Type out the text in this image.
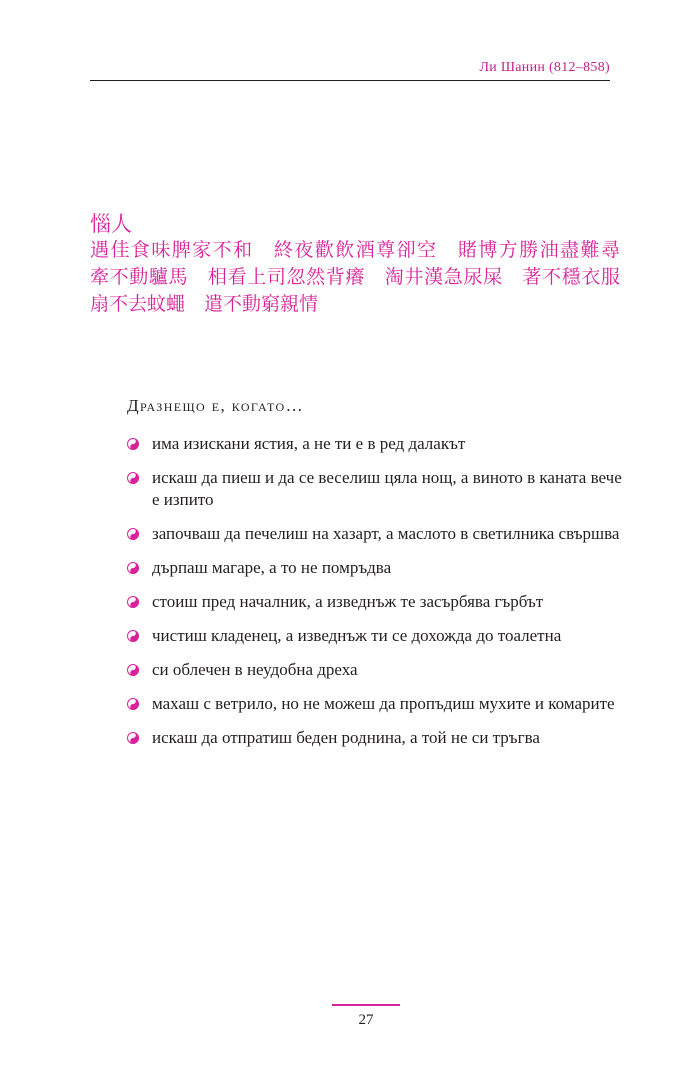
Ли Шанин (812–858)

惱人

遇佳食味脾家不和　終夜歡飲酒尊卻空　賭博方勝油盡難尋　牽不動驢馬　相看上司忽然背癢　淘井漢急尿屎　著不穩衣服　扇不去蚊蠅　遣不動窮親情

Дразнещо е, когато…
има изискани ястия, а не ти е в ред далакът
искаш да пиеш и да се веселиш цяла нощ, а виното в каната вече е изпито
започваш да печелиш на хазарт, а маслото в светилника свършва
дърпаш магаре, а то не помръдва
стоиш пред началник, а изведнъж те засърбява гърбът
чистиш кладенец, а изведнъж ти се дохожда до тоалетна
си облечен в неудобна дреха
махаш с ветрило, но не можеш да пропъдиш мухите и комарите
искаш да отпратиш беден роднина, а той не си тръгва
27
